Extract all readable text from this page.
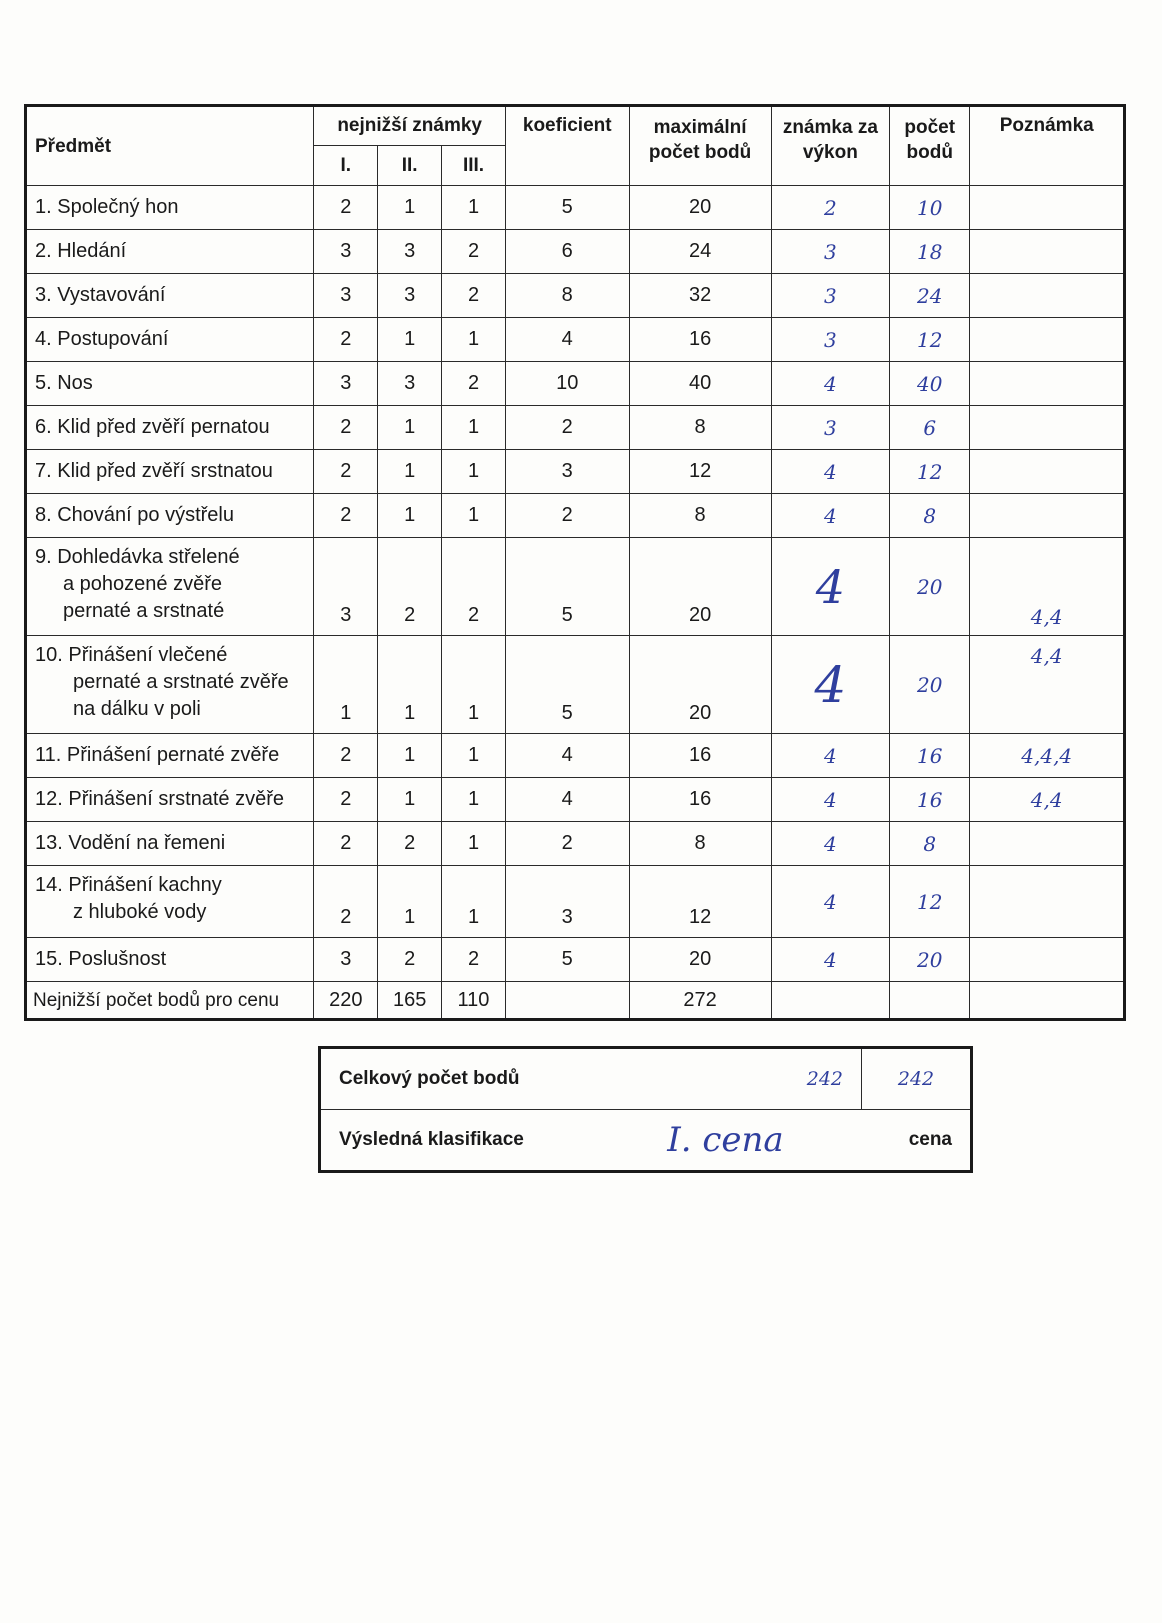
Předmět	nejnižší známky			koeficient	maximální počet bodů	známka za výkon	počet bodů	Poznámka
	I.	II.	III.					
1. Společný hon	2	1	1	5	20	2	10	
2. Hledání	3	3	2	6	24	3	18	
3. Vystavování	3	3	2	8	32	3	24	
4. Postupování	2	1	1	4	16	3	12	
5. Nos	3	3	2	10	40	4	40	
6. Klid před zvěří pernatou	2	1	1	2	8	3	6	
7. Klid před zvěří srstnatou	2	1	1	3	12	4	12	
8. Chování po výstřelu	2	1	1	2	8	4	8	

9. Dohledávka střelené
a pohozené zvěře
pernaté a srstnaté	3	2	2	5	20	4	20	4,4

10. Přinášení vlečené
pernaté a srstnaté zvěře
na dálku v poli	1	1	1	5	20	4	20	4,4
11. Přinášení pernaté zvěře	2	1	1	4	16	4	16	4,4,4
12. Přinášení srstnaté zvěře	2	1	1	4	16	4	16	4,4
13. Vodění na řemeni	2	2	1	2	8	4	8	

14. Přinášení kachny
z hluboké vody	2	1	1	3	12	4	12	
15. Poslušnost	3	2	2	5	20	4	20	
Nejnižší počet bodů pro cenu	220	165	110		272			
Celkový počet bodů	242	242
Výsledná klasifikace	I. cena	cena
